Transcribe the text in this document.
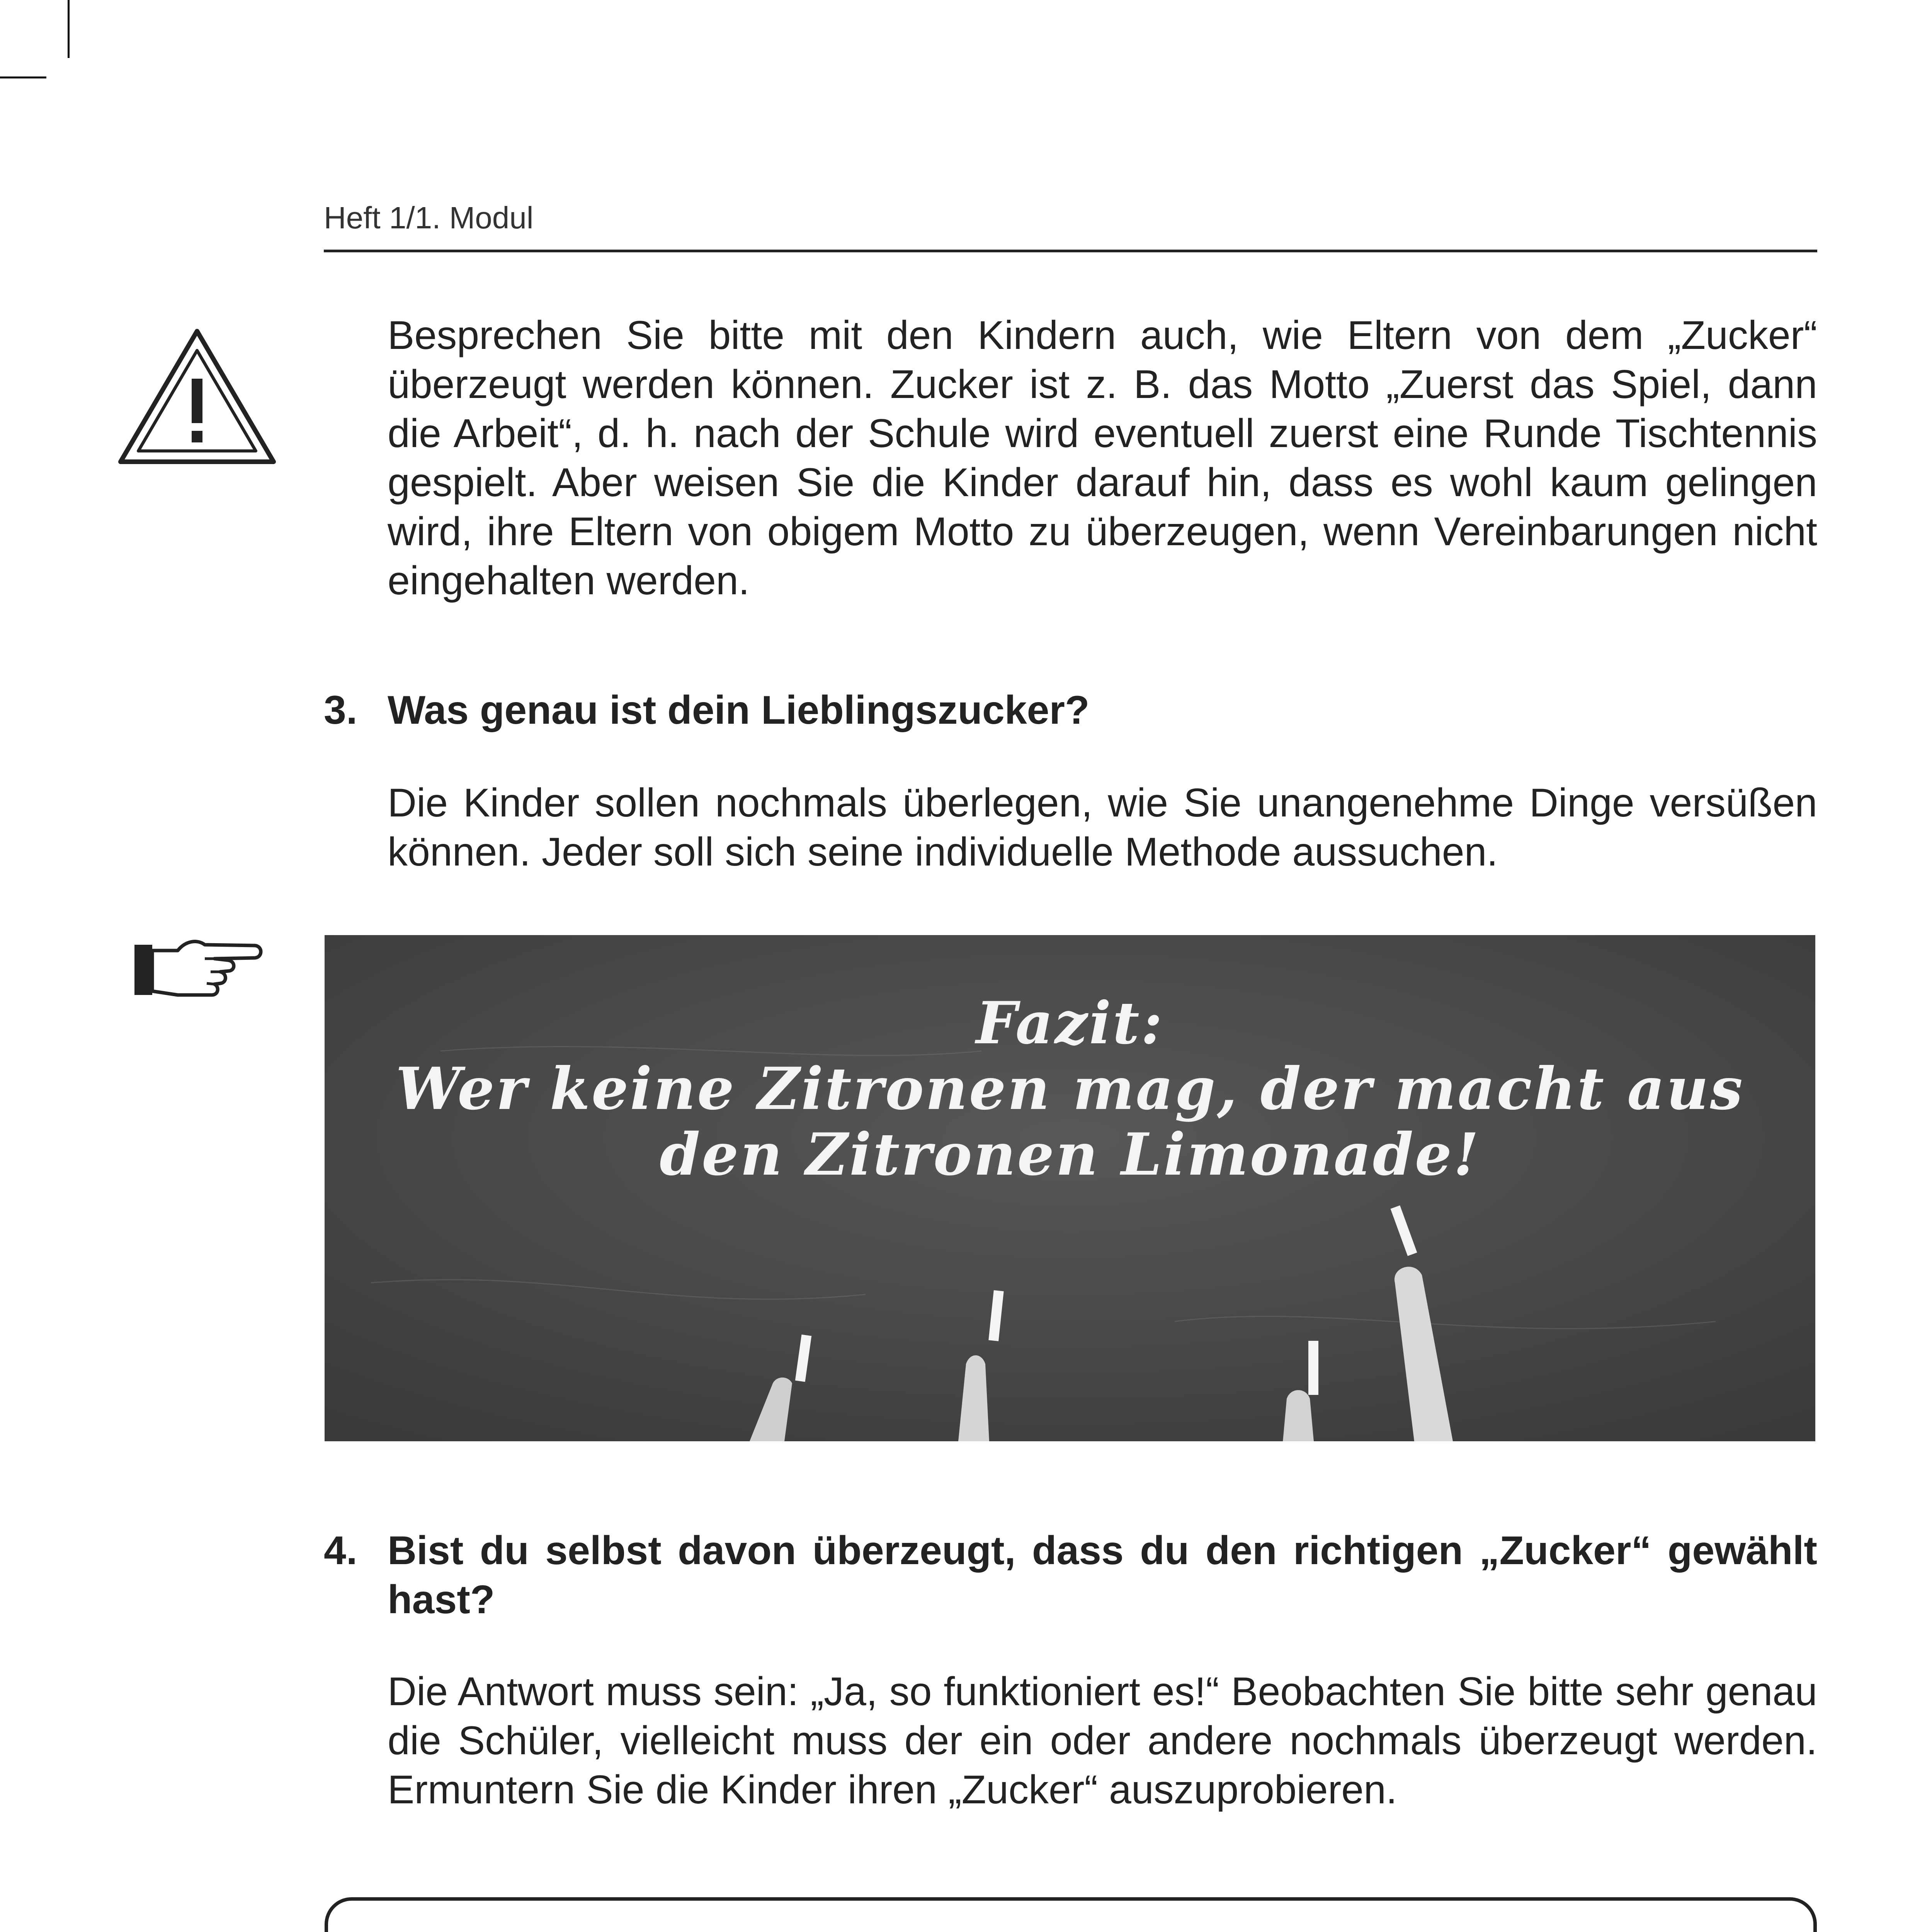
Heft 1/1. Modul
Besprechen Sie bitte mit den Kindern auch, wie Eltern von dem „Zucker“ überzeugt werden können. Zucker ist z. B. das Motto „Zuerst das Spiel, dann die Arbeit“, d. h. nach der Schule wird eventuell zuerst eine Runde Tischtennis gespielt. Aber weisen Sie die Kinder darauf hin, dass es wohl kaum gelingen wird, ihre Eltern von obigem Motto zu überzeugen, wenn Vereinbarungen nicht eingehalten werden.
3. Was genau ist dein Lieblingszucker?
Die Kinder sollen nochmals überlegen, wie Sie unangenehme Dinge versüßen können. Jeder soll sich seine individuelle Methode aussuchen.
Fazit:
Wer keine Zitronen mag, der macht aus
den Zitronen Limonade!
4. Bist du selbst davon überzeugt, dass du den richtigen „Zucker“ gewählt hast?
Die Antwort muss sein: „Ja, so funktioniert es!“ Beobachten Sie bitte sehr genau die Schüler, vielleicht muss der ein oder andere nochmals überzeugt werden. Ermuntern Sie die Kinder ihren „Zucker“ auszuprobieren.
